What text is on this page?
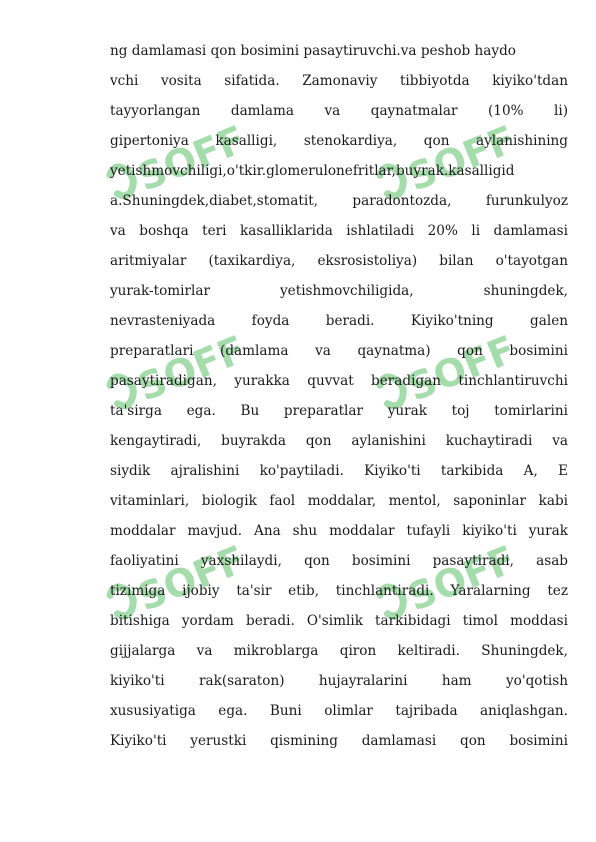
SOFF	SOFF
SOFF	SOFF
SOFF	SOFF
ng damlamasi qon bosimini pasaytiruvchi.va peshob haydo
vchi vosita sifatida. Zamonaviy tibbiyotda kiyiko'tdan
tayyorlangan damlama va qaynatmalar (10% li)
gipertoniya kasalligi, stenokardiya, qon aylanishining
yetishmovchiligi,o'tkir.glomerulonefritlar,buyrak.kasalligid
a.Shuningdek,diabet,stomatit, paradontozda, furunkulyoz
va boshqa teri kasalliklarida ishlatiladi 20% li damlamasi
aritmiyalar (taxikardiya, eksrosistoliya) bilan o'tayotgan
yurak-tomirlar yetishmovchiligida, shuningdek,
nevrasteniyada foyda beradi. Kiyiko'tning galen
preparatlari (damlama va qaynatma) qon bosimini
pasaytiradigan, yurakka quvvat beradigan tinchlantiruvchi
ta'sirga ega. Bu preparatlar yurak toj tomirlarini
kengaytiradi, buyrakda qon aylanishini kuchaytiradi va
siydik ajralishini ko'paytiladi. Kiyiko'ti tarkibida A, E
vitaminlari, biologik faol moddalar, mentol, saponinlar kabi
moddalar mavjud. Ana shu moddalar tufayli kiyiko'ti yurak
faoliyatini yaxshilaydi, qon bosimini pasaytiradi, asab
tizimiga ijobiy ta'sir etib, tinchlantiradi. Yaralarning tez
bitishiga yordam beradi. O'simlik tarkibidagi timol moddasi
gijjalarga va mikroblarga qiron keltiradi. Shuningdek,
kiyiko'ti rak(saraton) hujayralarini ham yo'qotish
xususiyatiga ega. Buni olimlar tajribada aniqlashgan.
Kiyiko'ti yerustki qismining damlamasi qon bosimini
